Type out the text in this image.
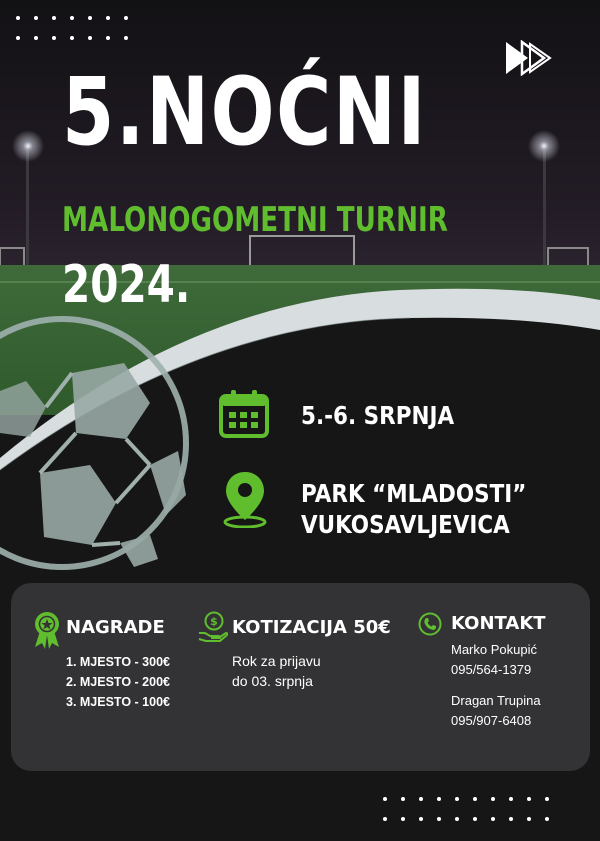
5.NOĆNI
MALONOGOMETNI TURNIR
2024.
5.-6. SRPNJA
PARK “MLADOSTI”
VUKOSAVLJEVICA
NAGRADE
1. MJESTO - 300€
2. MJESTO - 200€
3. MJESTO - 100€
$ KOTIZACIJA 50€
Rok za prijavu
do 03. srpnja
KONTAKT
Marko Pokupić
095/564-1379
Dragan Trupina
095/907-6408
